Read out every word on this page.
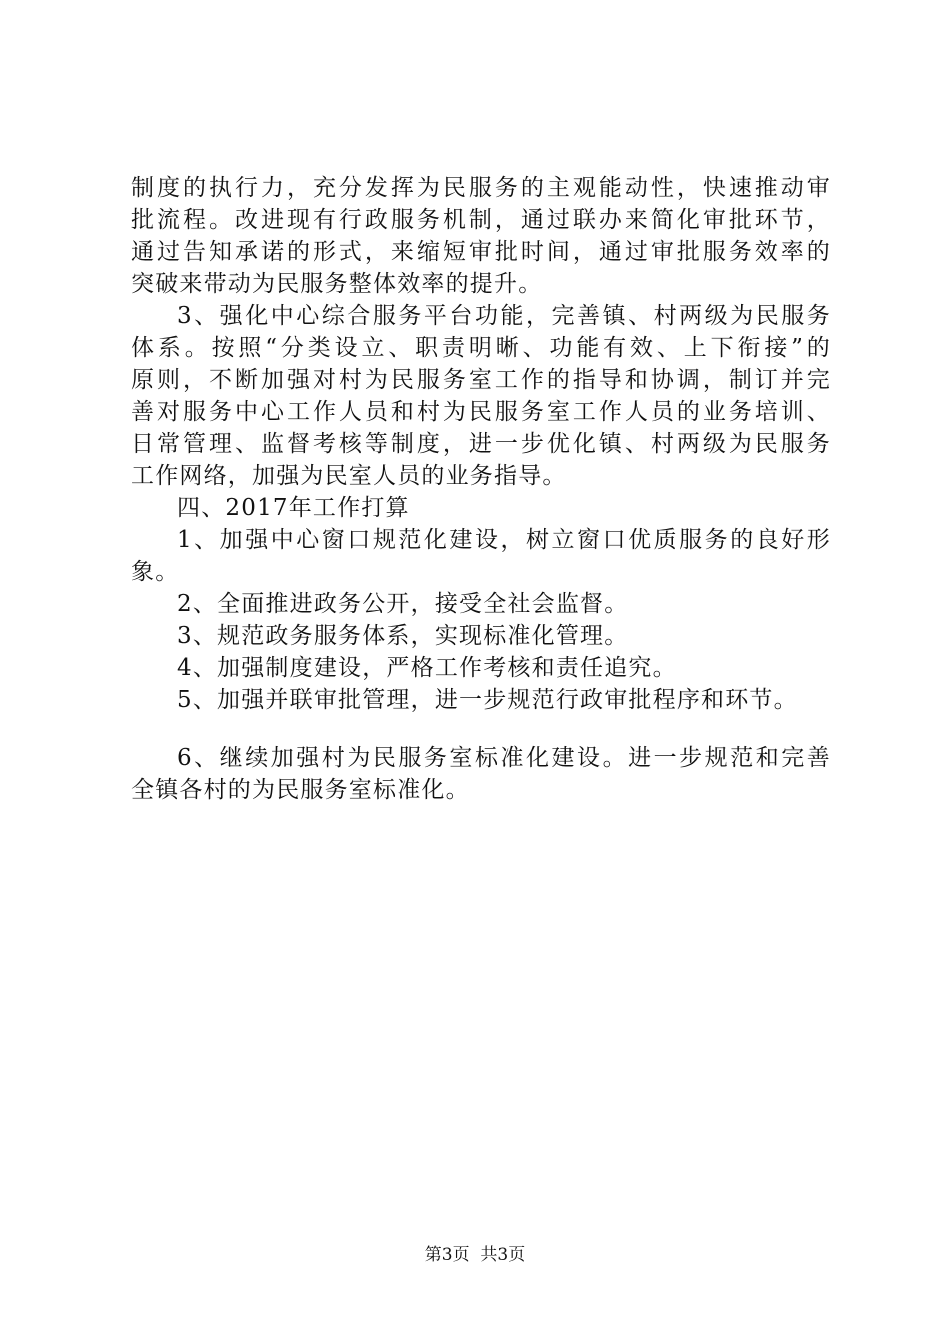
制度的执行力，充分发挥为民服务的主观能动性，快速推动审
批流程。改进现有行政服务机制，通过联办来简化审批环节，
通过告知承诺的形式，来缩短审批时间，通过审批服务效率的
突破来带动为民服务整体效率的提升。
3、强化中心综合服务平台功能，完善镇、村两级为民服务
体系。按照“分类设立、职责明晰、功能有效、上下衔接”的
原则，不断加强对村为民服务室工作的指导和协调，制订并完
善对服务中心工作人员和村为民服务室工作人员的业务培训、
日常管理、监督考核等制度，进一步优化镇、村两级为民服务
工作网络，加强为民室人员的业务指导。
四、2017年工作打算
1、加强中心窗口规范化建设，树立窗口优质服务的良好形
象。
2、全面推进政务公开，接受全社会监督。
3、规范政务服务体系，实现标准化管理。
4、加强制度建设，严格工作考核和责任追究。
5、加强并联审批管理，进一步规范行政审批程序和环节。
6、继续加强村为民服务室标准化建设。进一步规范和完善
全镇各村的为民服务室标准化。
第3页  共3页
